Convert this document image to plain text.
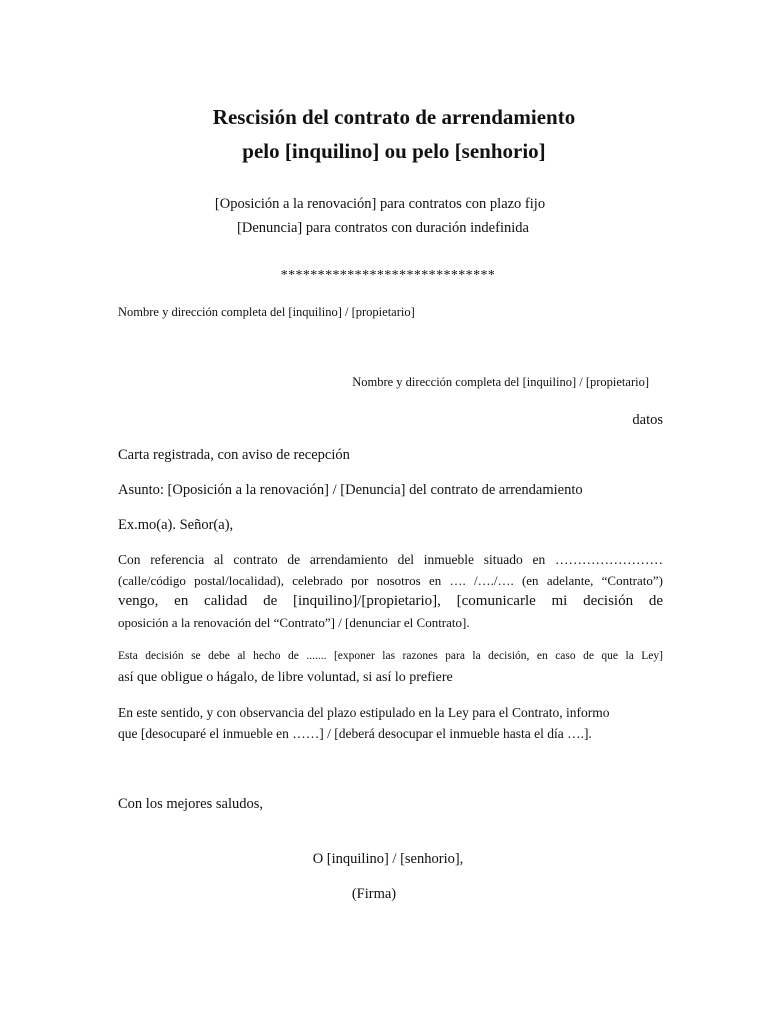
Rescisión del contrato de arrendamiento
pelo [inquilino] ou pelo [senhorio]
[Oposición a la renovación] para contratos con plazo fijo
[Denuncia] para contratos con duración indefinida
*****************************
Nombre y dirección completa del [inquilino] / [propietario]
Nombre y dirección completa del [inquilino] / [propietario]
datos
Carta registrada, con aviso de recepción
Asunto: [Oposición a la renovación] / [Denuncia] del contrato de arrendamiento
Ex.mo(a). Señor(a),
Con referencia al contrato de arrendamiento del inmueble situado en ……………………
(calle/código postal/localidad), celebrado por nosotros en …. /…./…. (en adelante, “Contrato”)
vengo, en calidad de [inquilino]/[propietario], [comunicarle mi decisión de
oposición a la renovación del “Contrato”] / [denunciar el Contrato].
Esta decisión se debe al hecho de ....... [exponer las razones para la decisión, en caso de que la Ley]
así que obligue o hágalo, de libre voluntad, si así lo prefiere
En este sentido, y con observancia del plazo estipulado en la Ley para el Contrato, informo
que [desocuparé el inmueble en ……] / [deberá desocupar el inmueble hasta el día ….].
Con los mejores saludos,
O [inquilino] / [senhorio],
(Firma)
